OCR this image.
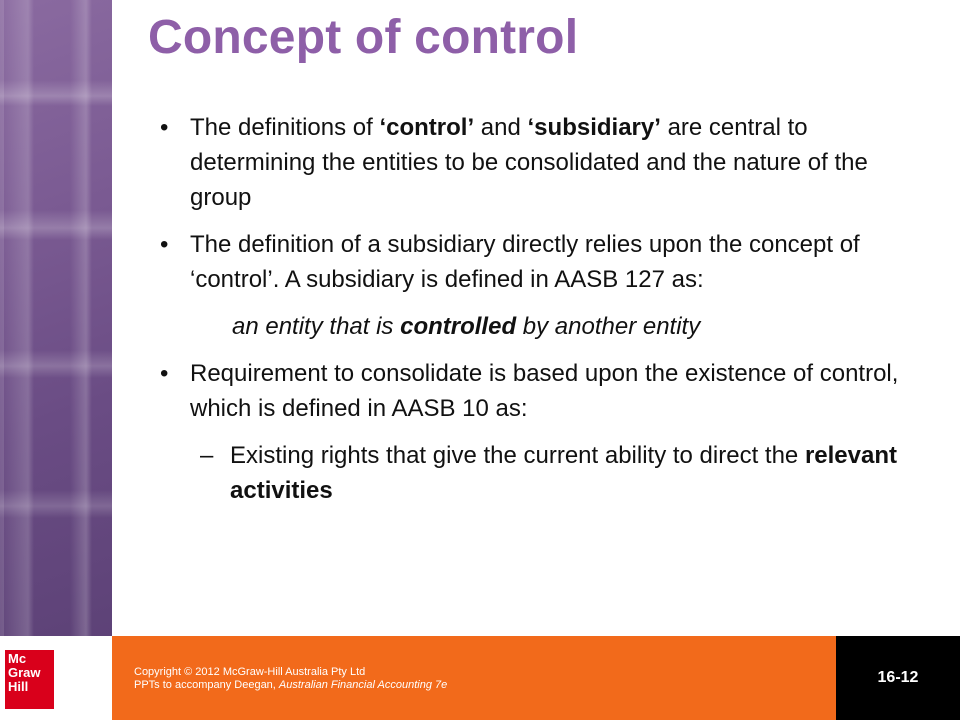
Concept of control
• The definitions of ‘control’ and ‘subsidiary’ are central to determining the entities to be consolidated and the nature of the group
• The definition of a subsidiary directly relies upon the concept of ‘control’. A subsidiary is defined in AASB 127 as:
an entity that is controlled by another entity
• Requirement to consolidate is based upon the existence of control, which is defined in AASB 10 as:
– Existing rights that give the current ability to direct the relevant activities
Mc
Graw
Hill
Copyright © 2012 McGraw-Hill Australia Pty Ltd
PPTs to accompany Deegan, Australian Financial Accounting 7e	16-12
